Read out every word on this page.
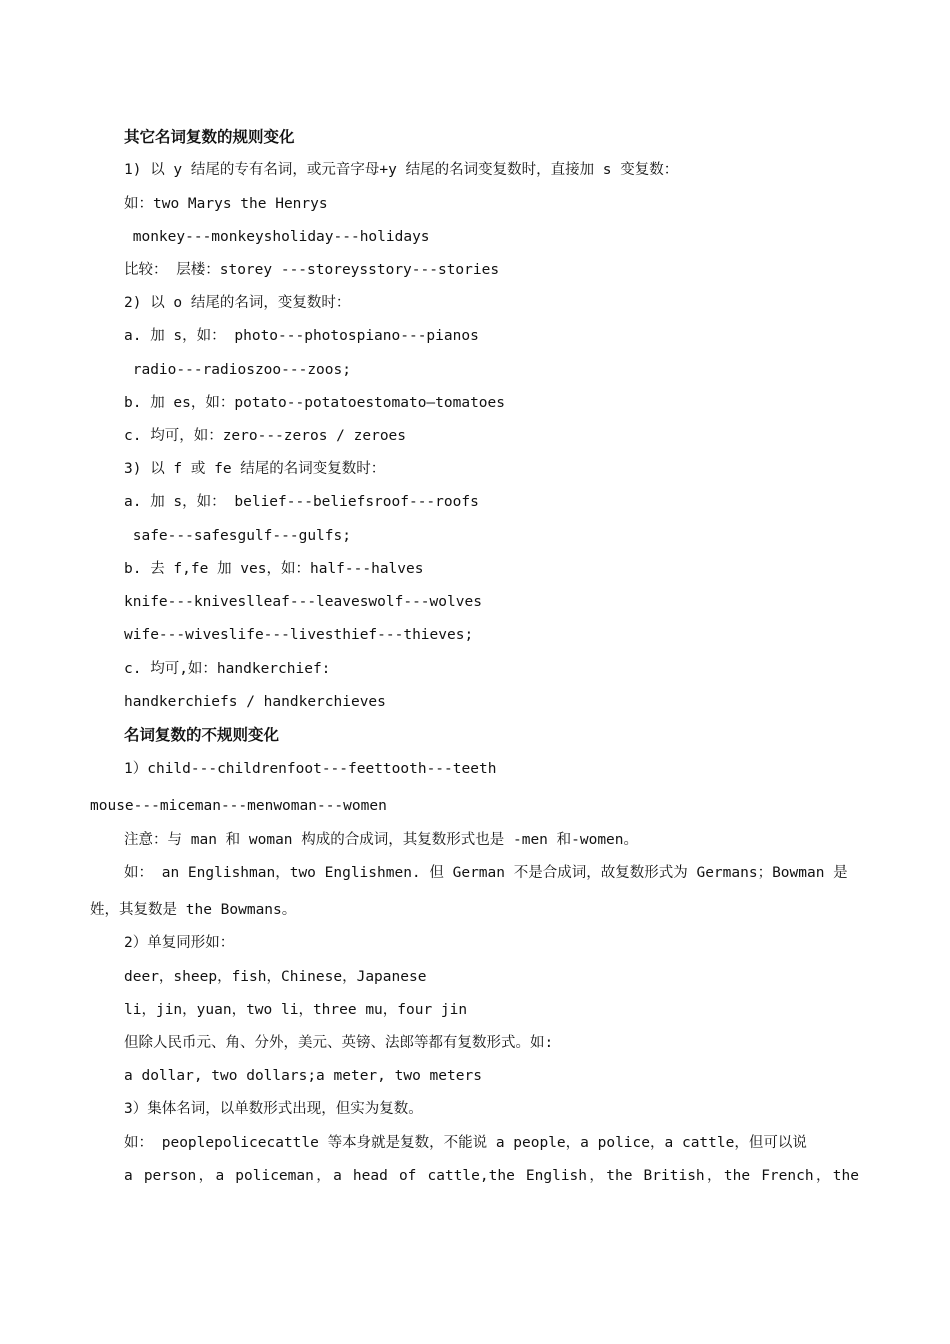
其它名词复数的规则变化
1) 以 y 结尾的专有名词，或元音字母+y 结尾的名词变复数时，直接加 s 变复数：
如：two Marys the Henrys
monkey---monkeysholiday---holidays
比较： 层楼：storey ---storeysstory---stories
2) 以 o 结尾的名词，变复数时：
a. 加 s，如： photo---photospiano---pianos
radio---radioszoo---zoos;
b. 加 es，如：potato--potatoestomato—tomatoes
c. 均可，如：zero---zeros / zeroes
3) 以 f 或 fe 结尾的名词变复数时：
a. 加 s，如： belief---beliefsroof---roofs
safe---safesgulf---gulfs;
b. 去 f,fe 加 ves，如：half---halves
knife---kniveslleaf---leaveswolf---wolves
wife---wiveslife---livesthief---thieves;
c. 均可,如：handkerchief:
handkerchiefs / handkerchieves
名词复数的不规则变化
1）child---childrenfoot---feettooth---teeth
mouse---miceman---menwoman---women
注意：与 man 和 woman 构成的合成词，其复数形式也是 -men 和-women。
如： an Englishman，two Englishmen. 但 German 不是合成词，故复数形式为 Germans；Bowman 是
姓，其复数是 the Bowmans。
2）单复同形如：
deer，sheep，fish，Chinese，Japanese
li，jin，yuan，two li，three mu，four jin
但除人民币元、角、分外，美元、英镑、法郎等都有复数形式。如:
a dollar, two dollars;a meter, two meters
3）集体名词，以单数形式出现，但实为复数。
如： peoplepolicecattle 等本身就是复数，不能说 a people，a police，a cattle，但可以说
a person，a policeman，a head of cattle,the English，the British，the French，the
